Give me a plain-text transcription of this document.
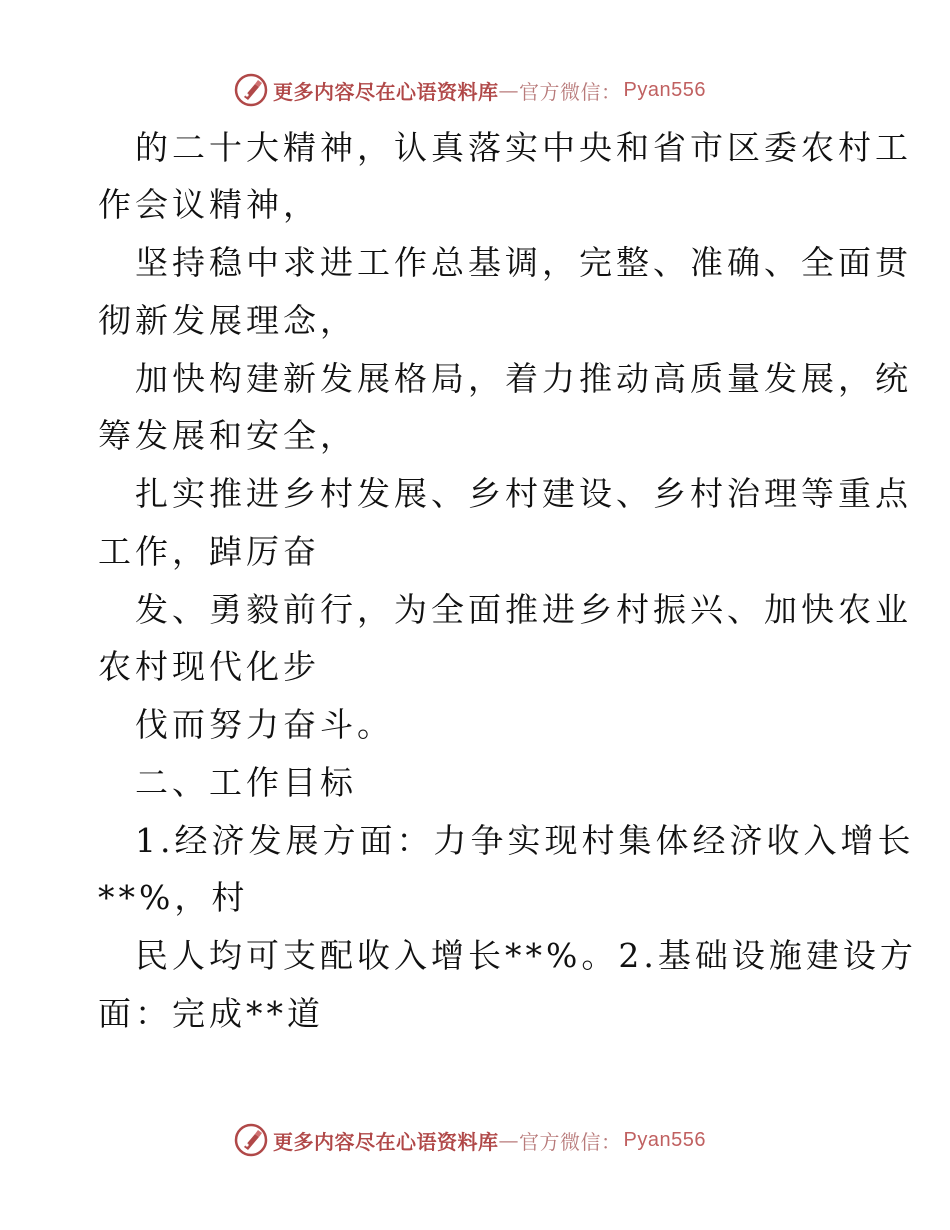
更多内容尽在心语资料库 — 官方微信： Pyan556
的二十大精神，认真落实中央和省市区委农村工
作会议精神，
坚持稳中求进工作总基调，完整、准确、全面贯
彻新发展理念，
加快构建新发展格局，着力推动高质量发展，统
筹发展和安全，
扎实推进乡村发展、乡村建设、乡村治理等重点
工作，踔厉奋
发、勇毅前行，为全面推进乡村振兴、加快农业
农村现代化步
伐而努力奋斗。
二、工作目标
1.经济发展方面：力争实现村集体经济收入增长
**%，村
民人均可支配收入增长**%。2.基础设施建设方
面：完成**道
更多内容尽在心语资料库 — 官方微信： Pyan556
